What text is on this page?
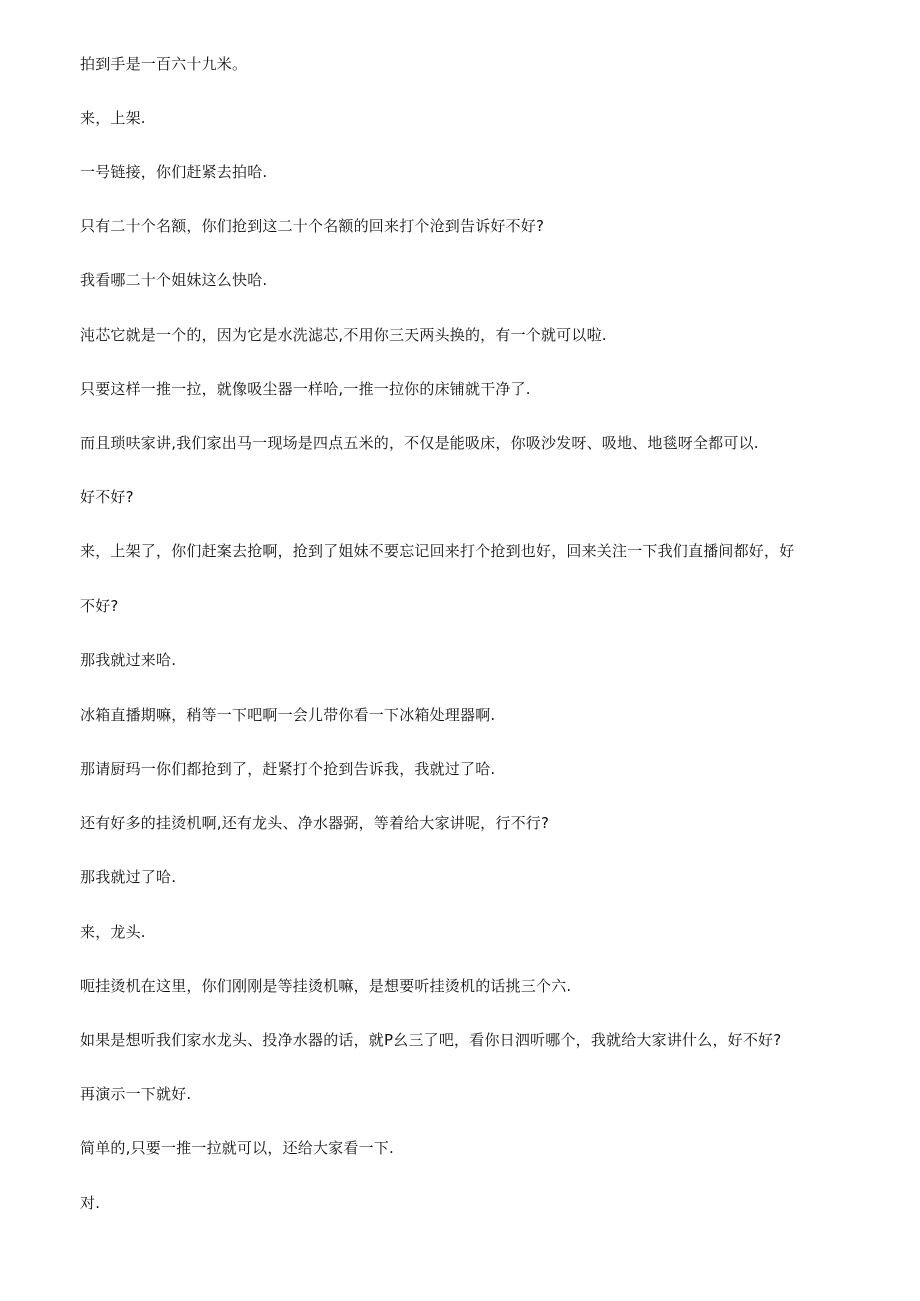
拍到手是一百六十九米。
来，上架.
一号链接，你们赶紧去拍哈.
只有二十个名额，你们抢到这二十个名额的回来打个沧到告诉好不好?
我看哪二十个姐妹这么快哈.
沌芯它就是一个的，因为它是水洗滤芯,不用你三天两头换的，有一个就可以啦.
只要这样一推一拉，就像吸尘器一样哈,一推一拉你的床铺就干净了.
而且琐呋家讲,我们家出马一现场是四点五米的，不仅是能吸床，你吸沙发呀、吸地、地毯呀全都可以.
好不好?
来，上架了，你们赶案去抢啊，抢到了姐妹不要忘记回来打个抢到也好，回来关注一下我们直播间都好，好
不好?
那我就过来哈.
冰箱直播期嘛，稍等一下吧啊一会儿带你看一下冰箱处理器啊.
那请厨玛一你们都抢到了，赶紧打个抢到告诉我，我就过了哈.
还有好多的挂烫机啊,还有龙头、净水器弼，等着给大家讲呢，行不行?
那我就过了哈.
来，龙头.
呃挂烫机在这里，你们刚刚是等挂烫机嘛，是想要听挂烫机的话挑三个六.
如果是想听我们家水龙头、投净水器的话，就P幺三了吧，看你日泗听哪个，我就给大家讲什么，好不好?
再演示一下就好.
简单的,只要一推一拉就可以，还给大家看一下.
对.
